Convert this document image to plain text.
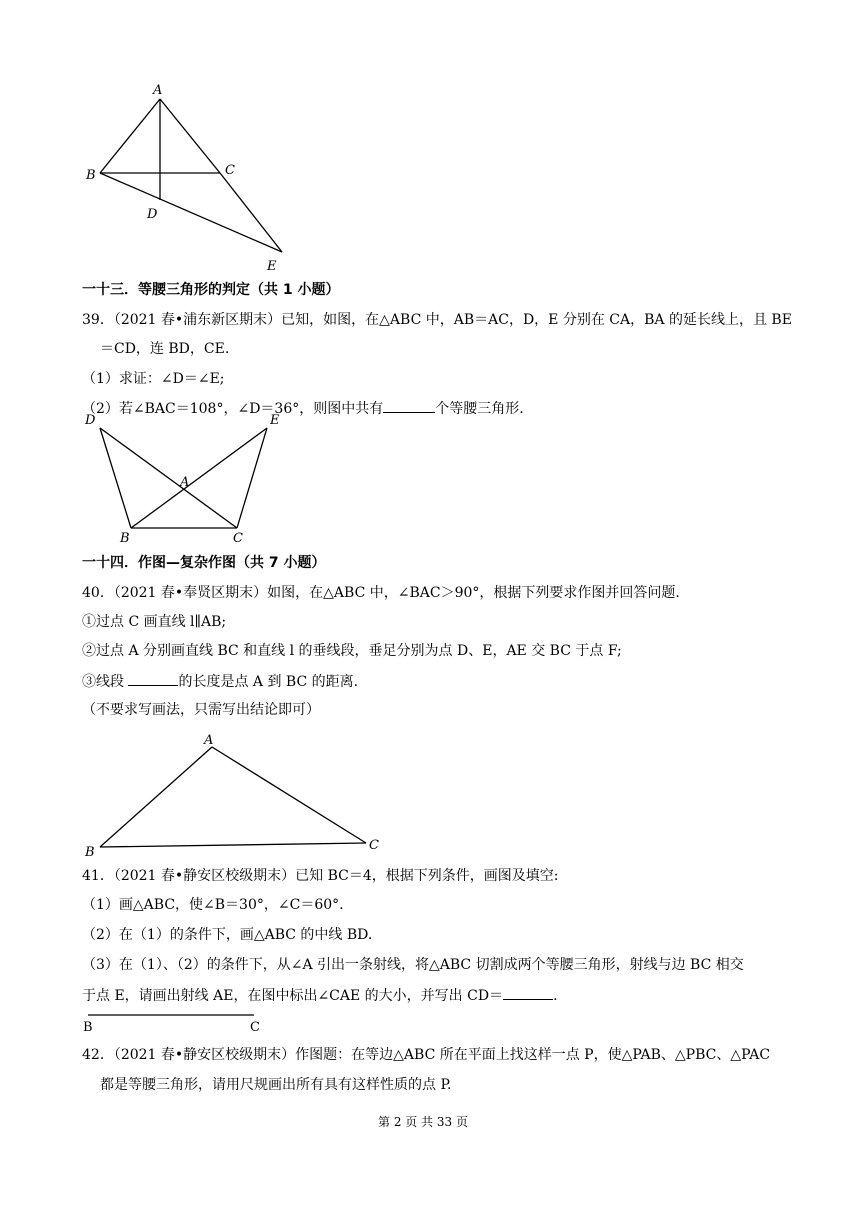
A
B	C
D
E
一十三．等腰三角形的判定（共 1 小题）
39．（2021 春•浦东新区期末）已知，如图，在△ABC 中，AB＝AC，D，E 分别在 CA，BA 的延长线上，且 BE
＝CD，连 BD，CE.
（1）求证：∠D＝∠E;
（2）若∠BAC＝108°，∠D＝36°，则图中共有	个等腰三角形.
D	E
A
B	C
一十四．作图—复杂作图（共 7 小题）
40．（2021 春•奉贤区期末）如图，在△ABC 中，∠BAC＞90°，根据下列要求作图并回答问题.
①过点 C 画直线 l∥AB;
②过点 A 分别画直线 BC 和直线 l 的垂线段，垂足分别为点 D、E，AE 交 BC 于点 F;
③线段	的长度是点 A 到 BC 的距离.
（不要求写画法，只需写出结论即可）
A
B	C
41．（2021 春•静安区校级期末）已知 BC＝4，根据下列条件，画图及填空:
（1）画△ABC，使∠B＝30°，∠C＝60°.
（2）在（1）的条件下，画△ABC 的中线 BD.
（3）在（1）、（2）的条件下，从∠A 引出一条射线，将△ABC 切割成两个等腰三角形，射线与边 BC 相交
于点 E，请画出射线 AE，在图中标出∠CAE 的大小，并写出 CD＝	.
B	C
42．（2021 春•静安区校级期末）作图题：在等边△ABC 所在平面上找这样一点 P，使△PAB、△PBC、△PAC
都是等腰三角形，请用尺规画出所有具有这样性质的点 P.
第 2 页 共 33 页
